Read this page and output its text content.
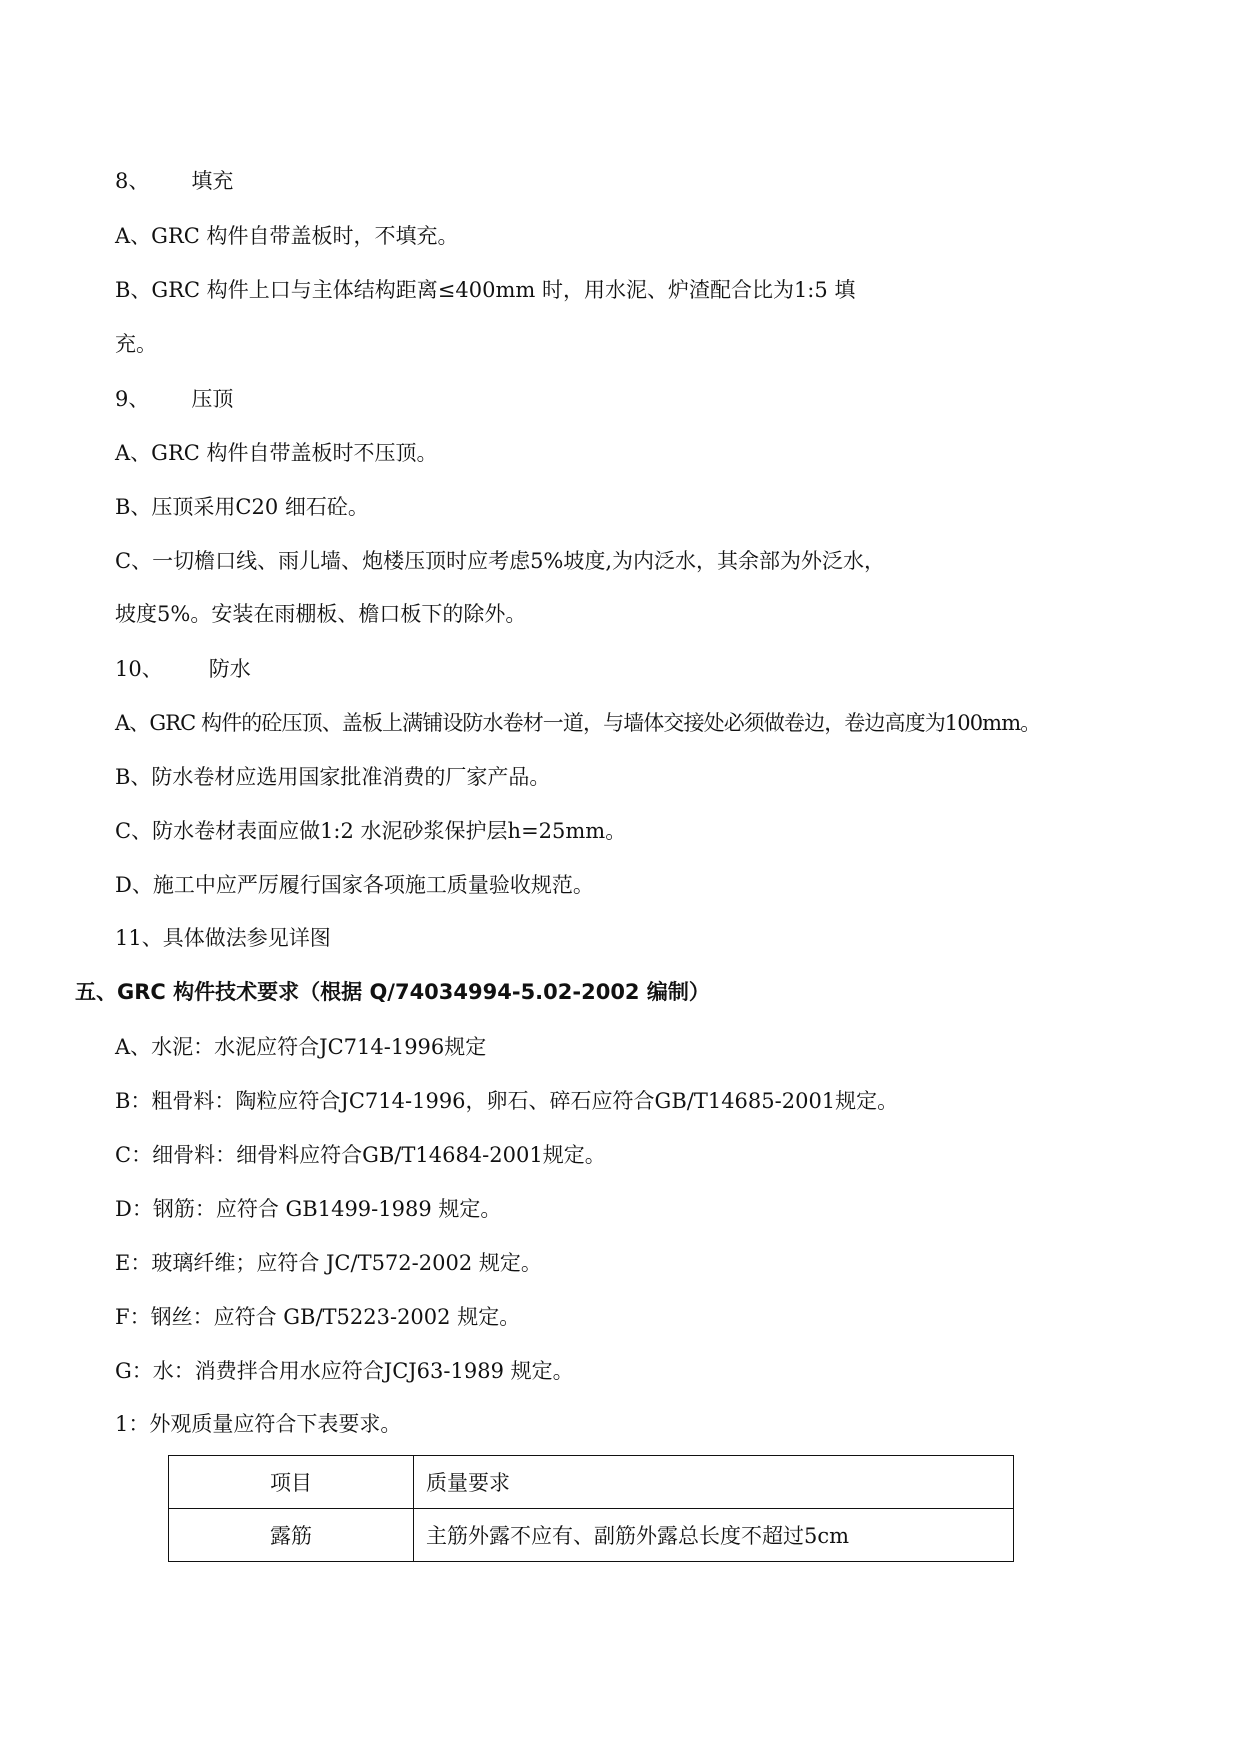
8、 填充
A、GRC 构件自带盖板时，不填充。
B、GRC 构件上口与主体结构距离≤400mm 时，用水泥、炉渣配合比为1:5 填
充。
9、 压顶
A、GRC 构件自带盖板时不压顶。
B、压顶采用C20 细石砼。
C、一切檐口线、雨儿墙、炮楼压顶时应考虑5%坡度,为内泛水，其余部为外泛水，
坡度5%。安装在雨棚板、檐口板下的除外。
10、 防水
A、GRC 构件的砼压顶、盖板上满铺设防水卷材一道，与墙体交接处必须做卷边，卷边高度为100mm。
B、防水卷材应选用国家批准消费的厂家产品。
C、防水卷材表面应做1:2 水泥砂浆保护层h=25mm。
D、施工中应严厉履行国家各项施工质量验收规范。
11、具体做法参见详图
五、GRC 构件技术要求（根据 Q/74034994-5.02-2002 编制）
A、水泥：水泥应符合JC714-1996规定
B：粗骨料：陶粒应符合JC714-1996，卵石、碎石应符合GB/T14685-2001规定。
C：细骨料：细骨料应符合GB/T14684-2001规定。
D：钢筋：应符合 GB1499-1989 规定。
E：玻璃纤维；应符合 JC/T572-2002 规定。
F：钢丝：应符合 GB/T5223-2002 规定。
G：水：消费拌合用水应符合JCJ63-1989 规定。
1：外观质量应符合下表要求。
项目	质量要求
露筋	主筋外露不应有、副筋外露总长度不超过5cm
